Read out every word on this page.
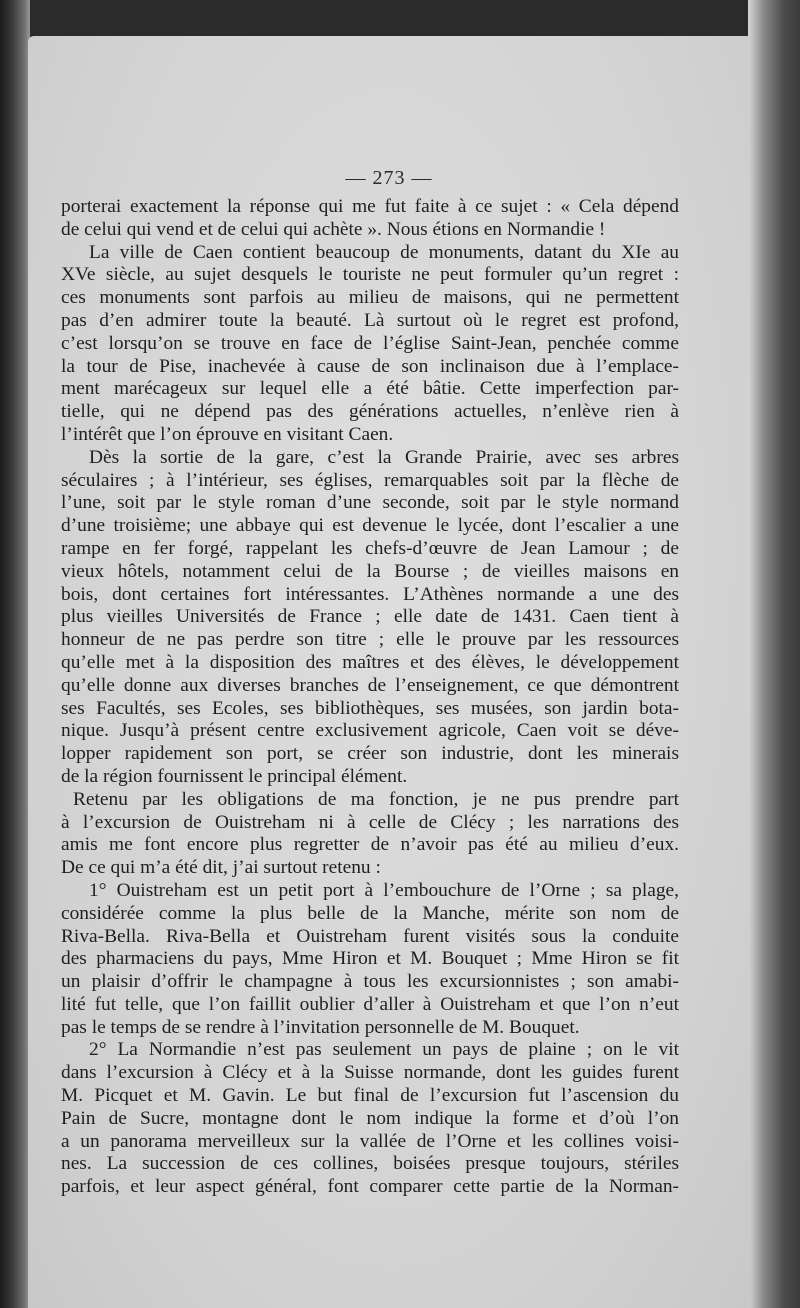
— 273 —
porterai exactement la réponse qui me fut faite à ce sujet : « Cela dépend
de celui qui vend et de celui qui achète ». Nous étions en Normandie !
La ville de Caen contient beaucoup de monuments, datant du XIe au
XVe siècle, au sujet desquels le touriste ne peut formuler qu’un regret :
ces monuments sont parfois au milieu de maisons, qui ne permettent
pas d’en admirer toute la beauté. Là surtout où le regret est profond,
c’est lorsqu’on se trouve en face de l’église Saint-Jean, penchée comme
la tour de Pise, inachevée à cause de son inclinaison due à l’emplace-
ment marécageux sur lequel elle a été bâtie. Cette imperfection par-
tielle, qui ne dépend pas des générations actuelles, n’enlève rien à
l’intérêt que l’on éprouve en visitant Caen.
Dès la sortie de la gare, c’est la Grande Prairie, avec ses arbres
séculaires ; à l’intérieur, ses églises, remarquables soit par la flèche de
l’une, soit par le style roman d’une seconde, soit par le style normand
d’une troisième; une abbaye qui est devenue le lycée, dont l’escalier a une
rampe en fer forgé, rappelant les chefs-d’œuvre de Jean Lamour ; de
vieux hôtels, notamment celui de la Bourse ; de vieilles maisons en
bois, dont certaines fort intéressantes. L’Athènes normande a une des
plus vieilles Universités de France ; elle date de 1431. Caen tient à
honneur de ne pas perdre son titre ; elle le prouve par les ressources
qu’elle met à la disposition des maîtres et des élèves, le développement
qu’elle donne aux diverses branches de l’enseignement, ce que démontrent
ses Facultés, ses Ecoles, ses bibliothèques, ses musées, son jardin bota-
nique. Jusqu’à présent centre exclusivement agricole, Caen voit se déve-
lopper rapidement son port, se créer son industrie, dont les minerais
de la région fournissent le principal élément.
Retenu par les obligations de ma fonction, je ne pus prendre part
à l’excursion de Ouistreham ni à celle de Clécy ; les narrations des
amis me font encore plus regretter de n’avoir pas été au milieu d’eux.
De ce qui m’a été dit, j’ai surtout retenu :
1° Ouistreham est un petit port à l’embouchure de l’Orne ; sa plage,
considérée comme la plus belle de la Manche, mérite son nom de
Riva-Bella. Riva-Bella et Ouistreham furent visités sous la conduite
des pharmaciens du pays, Mme Hiron et M. Bouquet ; Mme Hiron se fit
un plaisir d’offrir le champagne à tous les excursionnistes ; son amabi-
lité fut telle, que l’on faillit oublier d’aller à Ouistreham et que l’on n’eut
pas le temps de se rendre à l’invitation personnelle de M. Bouquet.
2° La Normandie n’est pas seulement un pays de plaine ; on le vit
dans l’excursion à Clécy et à la Suisse normande, dont les guides furent
M. Picquet et M. Gavin. Le but final de l’excursion fut l’ascension du
Pain de Sucre, montagne dont le nom indique la forme et d’où l’on
a un panorama merveilleux sur la vallée de l’Orne et les collines voisi-
nes. La succession de ces collines, boisées presque toujours, stériles
parfois, et leur aspect général, font comparer cette partie de la Norman-
